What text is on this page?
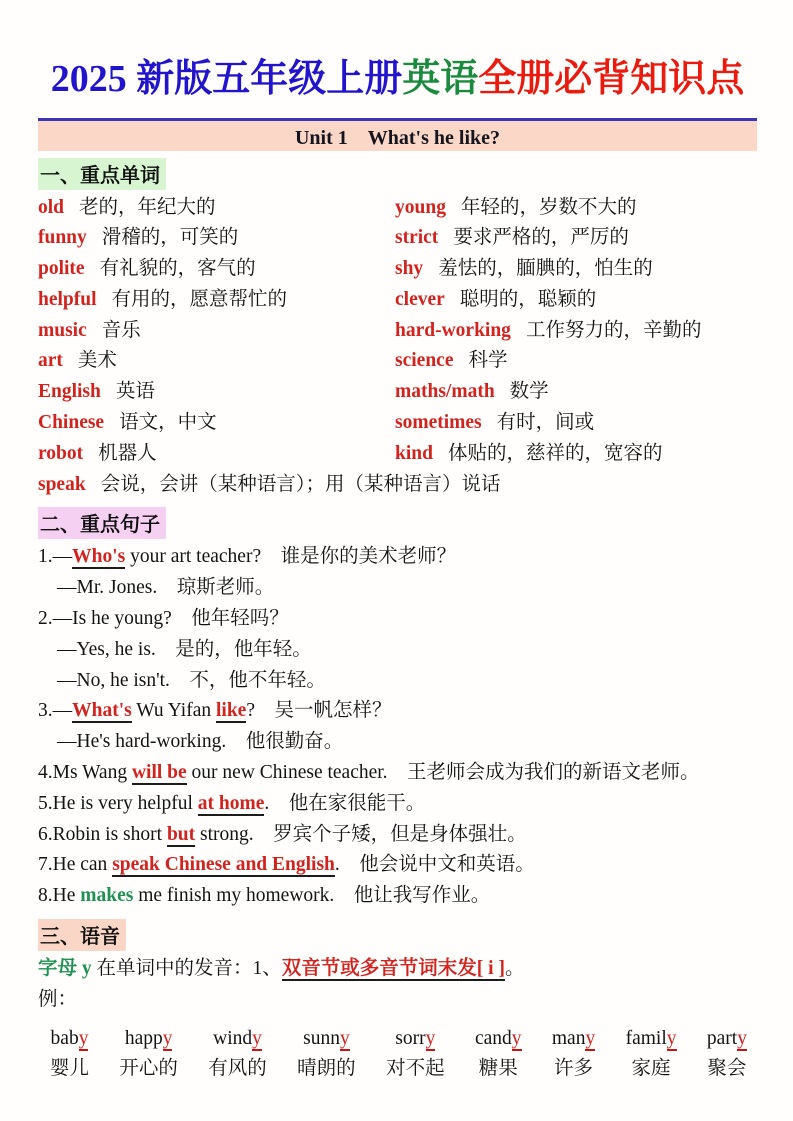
2025 新版五年级上册英语全册必背知识点
Unit 1　What's he like?
一、重点单词
old 老的，年纪大的
funny 滑稽的，可笑的
polite 有礼貌的，客气的
helpful 有用的，愿意帮忙的
music 音乐
art 美术
English 英语
Chinese 语文，中文
robot 机器人
young 年轻的，岁数不大的
strict 要求严格的，严厉的
shy 羞怯的，腼腆的，怕生的
clever 聪明的，聪颖的
hard-working 工作努力的，辛勤的
science 科学
maths/math 数学
sometimes 有时，间或
kind 体贴的，慈祥的，宽容的
speak 会说，会讲（某种语言）；用（某种语言）说话
二、重点句子

1.—Who's your art teacher?　谁是你的美术老师？

—Mr. Jones.　琼斯老师。

2.—Is he young?　他年轻吗？

—Yes, he is.　是的，他年轻。

—No, he isn't.　不，他不年轻。

3.—What's Wu Yifan like?　吴一帆怎样？

—He's hard-working.　他很勤奋。

4.Ms Wang will be our new Chinese teacher.　王老师会成为我们的新语文老师。

5.He is very helpful at home.　他在家很能干。

6.Robin is short but strong.　罗宾个子矮，但是身体强壮。

7.He can speak Chinese and English.　他会说中文和英语。

8.He makes me finish my homework.　他让我写作业。

三、语音

字母 y 在单词中的发音：1、双音节或多音节词末发[ i ]。

例：

baby
婴儿
happy
开心的
windy
有风的
sunny
晴朗的
sorry
对不起
candy
糖果
many
许多
family
家庭
party
聚会
